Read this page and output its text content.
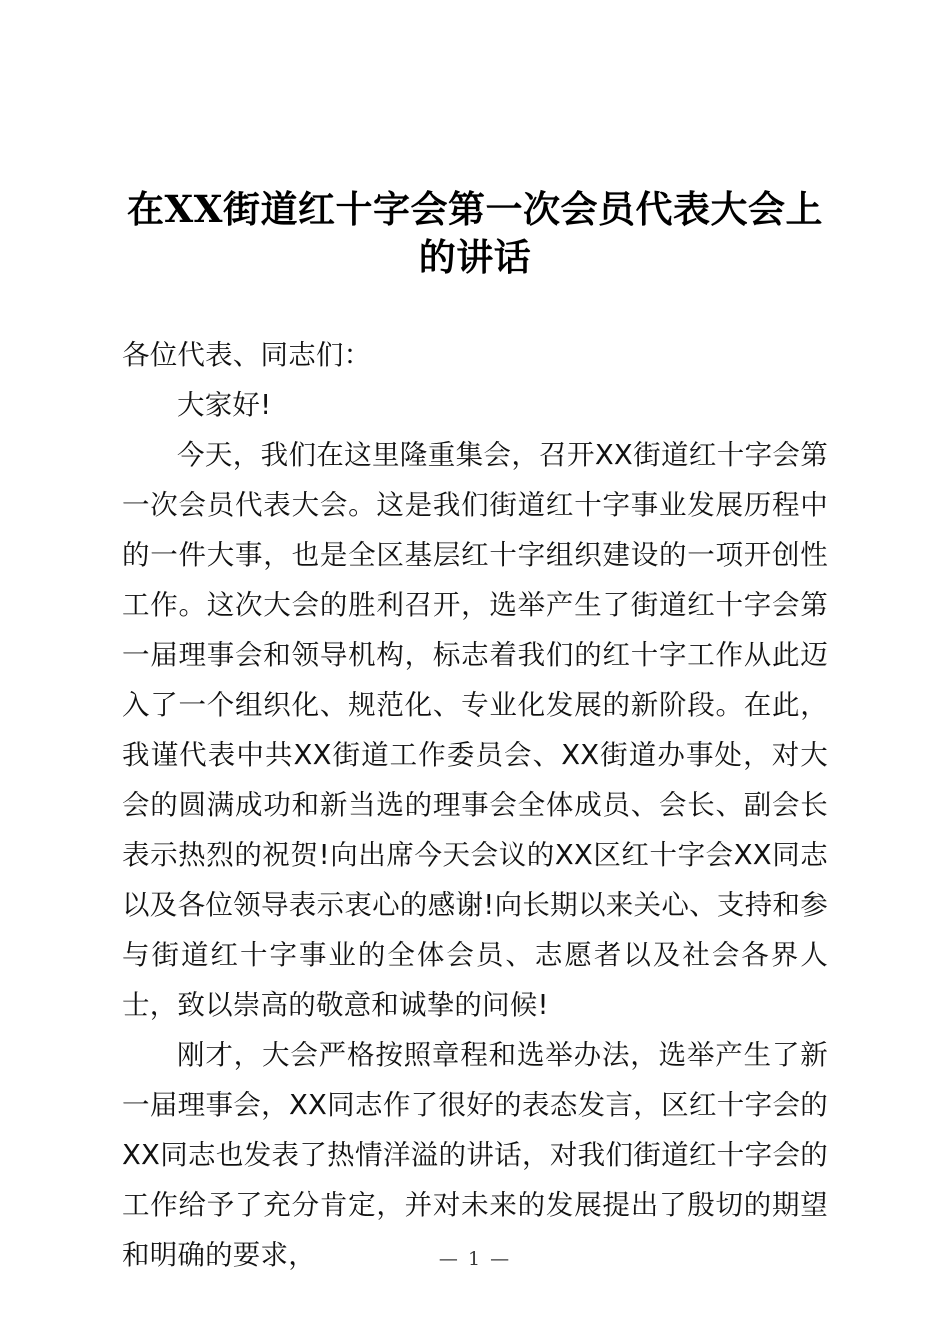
在XX街道红十字会第一次会员代表大会上的讲话

各位代表、同志们：

大家好!

今天，我们在这里隆重集会，召开XX街道红十字会第一次会员代表大会。这是我们街道红十字事业发展历程中的一件大事，也是全区基层红十字组织建设的一项开创性工作。这次大会的胜利召开，选举产生了街道红十字会第一届理事会和领导机构，标志着我们的红十字工作从此迈入了一个组织化、规范化、专业化发展的新阶段。在此，我谨代表中共XX街道工作委员会、XX街道办事处，对大会的圆满成功和新当选的理事会全体成员、会长、副会长表示热烈的祝贺!向出席今天会议的XX区红十字会XX同志以及各位领导表示衷心的感谢!向长期以来关心、支持和参与街道红十字事业的全体会员、志愿者以及社会各界人士，致以崇高的敬意和诚挚的问候!

刚才，大会严格按照章程和选举办法，选举产生了新一届理事会，XX同志作了很好的表态发言，区红十字会的XX同志也发表了热情洋溢的讲话，对我们街道红十字会的工作给予了充分肯定，并对未来的发展提出了殷切的期望和明确的要求，	— 1 —
